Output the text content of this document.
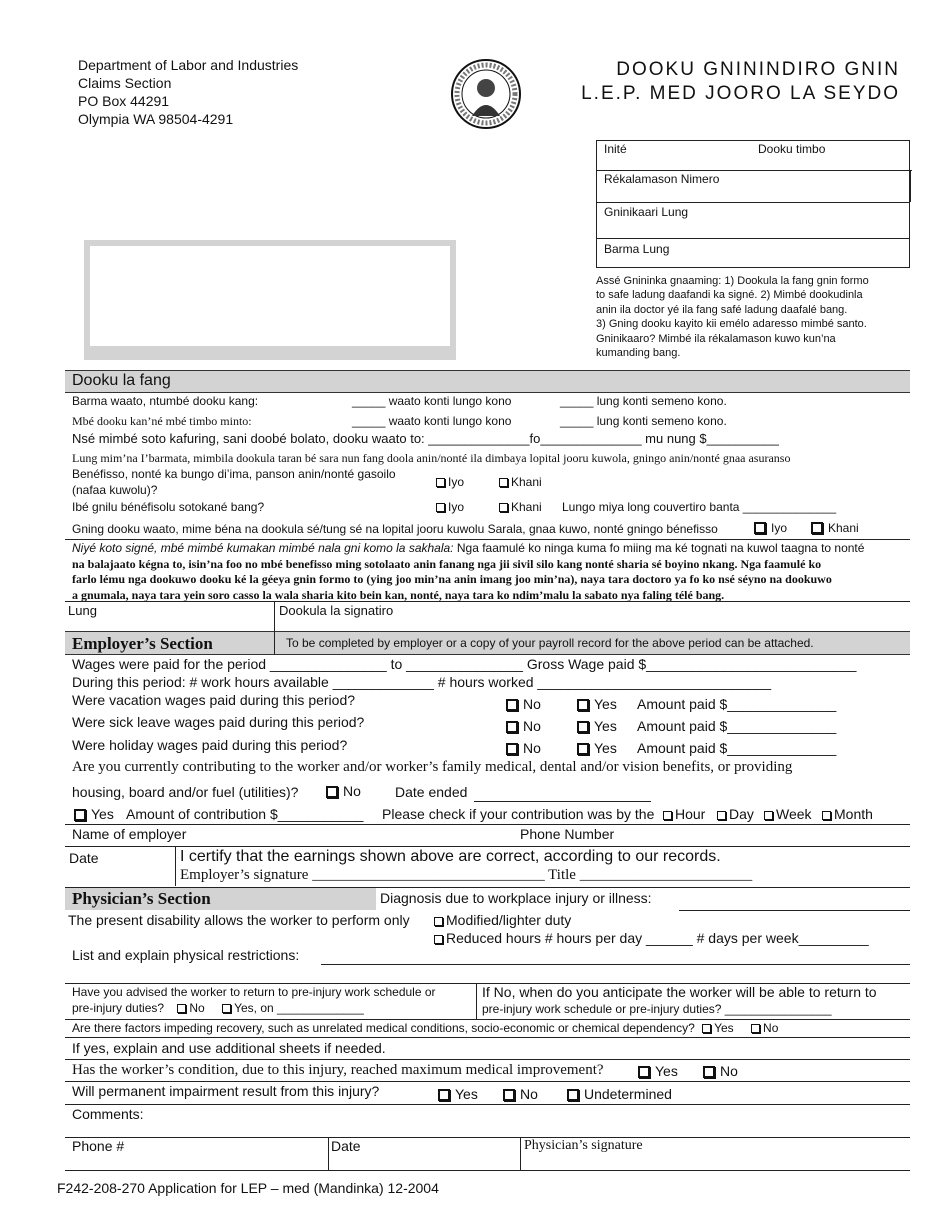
Department of Labor and Industries
Claims Section
PO Box 44291
Olympia WA 98504-4291
DOOKU GNININDIRO GNIN
L.E.P. MED JOORO LA SEYDO
Inité	Dooku timbo
Rékalamason Nimero
Gninikaari Lung
Barma Lung
Assé Gnininka gnaaming: 1) Dookula la fang gnin formo
to safe ladung daafandi ka signé. 2) Mimbé dookudinla
anin ila doctor yé ila fang safé ladung daafalé bang.
3) Gning dooku kayito kii emélo adaresso mimbé santo.
Gninikaaro? Mimbé ila rékalamason kuwo kun’na
kumanding bang.
Dooku la fang
Barma waato, ntumbé dooku kang:	_____ waato konti lungo kono	_____ lung konti semeno kono.
Mbé dooku kan’né mbé timbo minto:	_____ waato konti lungo kono	_____ lung konti semeno kono.
Nsé mimbé soto kafuring, sani doobé bolato, dooku waato to: ______________fo______________ mu nung $__________
Lung mim’na I’barmata, mimbila dookula taran bé sara nun fang doola anin/nonté ila dimbaya lopital jooru kuwola, gningo anin/nonté gnaa asuranso
Benéfisso, nonté ka bungo di’ima, panson anin/nonté gasoilo
(nafaa kuwolu)?
Iyo	Khani
Ibé gnilu bénéfisolu sotokané bang?	Iyo	Khani Lungo miya long couvertiro banta ______________
Gning dooku waato, mime béna na dookula sé/tung sé na lopital jooru kuwolu Sarala, gnaa kuwo, nonté gningo bénefisso	Iyo	Khani
Niyé koto signé, mbé mimbé kumakan mimbé nala gni komo la sakhala: Nga faamulé ko ninga kuma fo miing ma ké tognati na kuwol taagna to nonté
na balajaato kégna to, isin’na foo no mbé benefisso ming sotolaato anin fanang nga jii sivil silo kang nonté sharia sé boyino nkang. Nga faamulé ko
farlo lému nga dookuwo dooku ké la géeya gnin formo to (ying joo min’na anin imang joo min’na), naya tara doctoro ya fo ko nsé séyno na dookuwo
a gnumala, naya tara yein soro casso la wala sharia kito bein kan, nonté, naya tara ko ndim’malu la sabato nya faling télé bang.
Lung	Dookula la signatiro
Employer’s Section	To be completed by employer or a copy of your payroll record for the above period can be attached.
Wages were paid for the period _______________ to _______________ Gross Wage paid $___________________________
During this period: # work hours available _____________ # hours worked ______________________________
Were vacation wages paid during this period?	No	Yes Amount paid $______________
Were sick leave wages paid during this period?	No	Yes Amount paid $______________
Were holiday wages paid during this period?	No	Yes Amount paid $______________
Are you currently contributing to the worker and/or worker’s family medical, dental and/or vision benefits, or providing
housing, board and/or fuel (utilities)?	No Date ended
Yes Amount of contribution $___________ Please check if your contribution was by the	Hour	Day	Week	Month
Name of employer	Phone Number
Date	I certify that the earnings shown above are correct, according to our records.
Employer’s signature _______________________________ Title _______________________
Physician’s Section	Diagnosis due to workplace injury or illness:
The present disability allows the worker to perform only	Modified/lighter duty
Reduced hours # hours per day ______ # days per week_________
List and explain physical restrictions:
Have you advised the worker to return to pre-injury work schedule or
pre-injury duties? No Yes, on _____________
If No, when do you anticipate the worker will be able to return to
pre-injury work schedule or pre-injury duties? ________________
Are there factors impeding recovery, such as unrelated medical conditions, socio-economic or chemical dependency? Yes No
If yes, explain and use additional sheets if needed.
Has the worker’s condition, due to this injury, reached maximum medical improvement?	Yes	No
Will permanent impairment result from this injury?	Yes	No	Undetermined
Comments:
Phone #	Date	Physician’s signature
F242-208-270 Application for LEP – med (Mandinka) 12-2004
